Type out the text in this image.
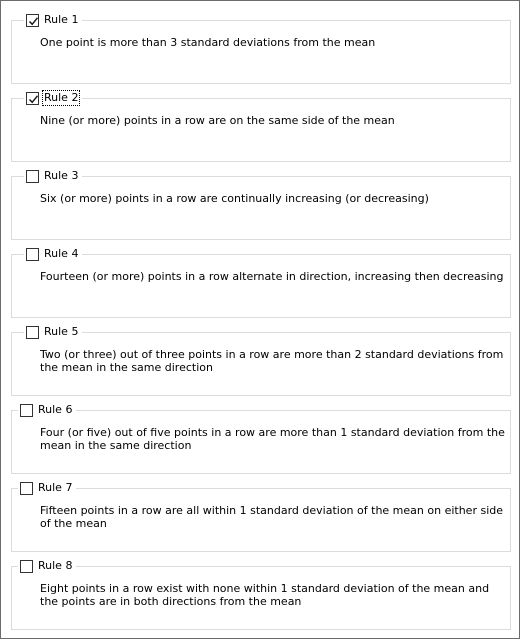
Rule 1
One point is more than 3 standard deviations from the mean
Rule 2
Nine (or more) points in a row are on the same side of the mean
Rule 3
Six (or more) points in a row are continually increasing (or decreasing)
Rule 4
Fourteen (or more) points in a row alternate in direction, increasing then decreasing
Rule 5
Two (or three) out of three points in a row are more than 2 standard deviations from the mean in the same direction
Rule 6
Four (or five) out of five points in a row are more than 1 standard deviation from the mean in the same direction
Rule 7
Fifteen points in a row are all within 1 standard deviation of the mean on either side of the mean
Rule 8
Eight points in a row exist with none within 1 standard deviation of the mean and the points are in both directions from the mean
